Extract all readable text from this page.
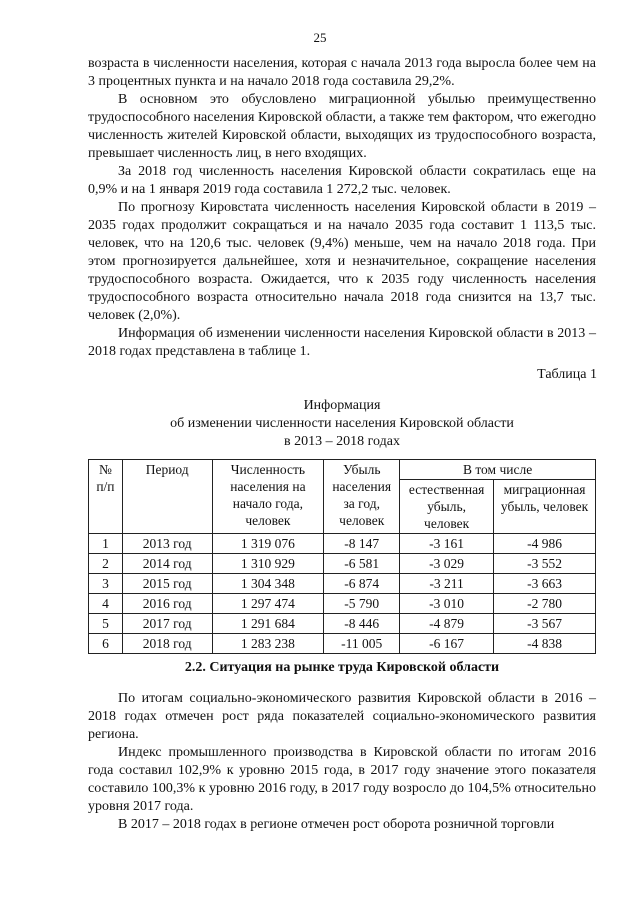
25

возраста в численности населения, которая с начала 2013 года выросла более чем на 3 процентных пункта и на начало 2018 года составила 29,2%.

В основном это обусловлено миграционной убылью преимущественно трудоспособного населения Кировской области, а также тем фактором, что ежегодно численность жителей Кировской области, выходящих из трудоспособного возраста, превышает численность лиц, в него входящих.

За 2018 год численность населения Кировской области сократилась еще на 0,9% и на 1 января 2019 года составила 1 272,2 тыс. человек.

По прогнозу Кировстата численность населения Кировской области в 2019 – 2035 годах продолжит сокращаться и на начало 2035 года составит 1 113,5 тыс. человек, что на 120,6 тыс. человек (9,4%) меньше, чем на начало 2018 года. При этом прогнозируется дальнейшее, хотя и незначительное, сокращение населения трудоспособного возраста. Ожидается, что к 2035 году численность населения трудоспособного возраста относительно начала 2018 года снизится на 13,7 тыс. человек (2,0%).

Информация об изменении численности населения Кировской области в 2013 – 2018 годах представлена в таблице 1.

Таблица 1
Информация
об изменении численности населения Кировской области
в 2013 – 2018 годах
№ п/п	Период	Численность населения на начало года, человек	Убыль населения за год, человек	В том числе	
				естественная убыль, человек	миграционная убыль, человек
1	2013 год	1 319 076	-8 147	-3 161	-4 986
2	2014 год	1 310 929	-6 581	-3 029	-3 552
3	2015 год	1 304 348	-6 874	-3 211	-3 663
4	2016 год	1 297 474	-5 790	-3 010	-2 780
5	2017 год	1 291 684	-8 446	-4 879	-3 567
6	2018 год	1 283 238	-11 005	-6 167	-4 838
2.2. Ситуация на рынке труда Кировской области

По итогам социально-экономического развития Кировской области в 2016 – 2018 годах отмечен рост ряда показателей социально-экономического развития региона.

Индекс промышленного производства в Кировской области по итогам 2016 года составил 102,9% к уровню 2015 года, в 2017 году значение этого показателя составило 100,3% к уровню 2016 году, в 2017 году возросло до 104,5% относительно уровня 2017 года.

В 2017 – 2018 годах в регионе отмечен рост оборота розничной торговли
